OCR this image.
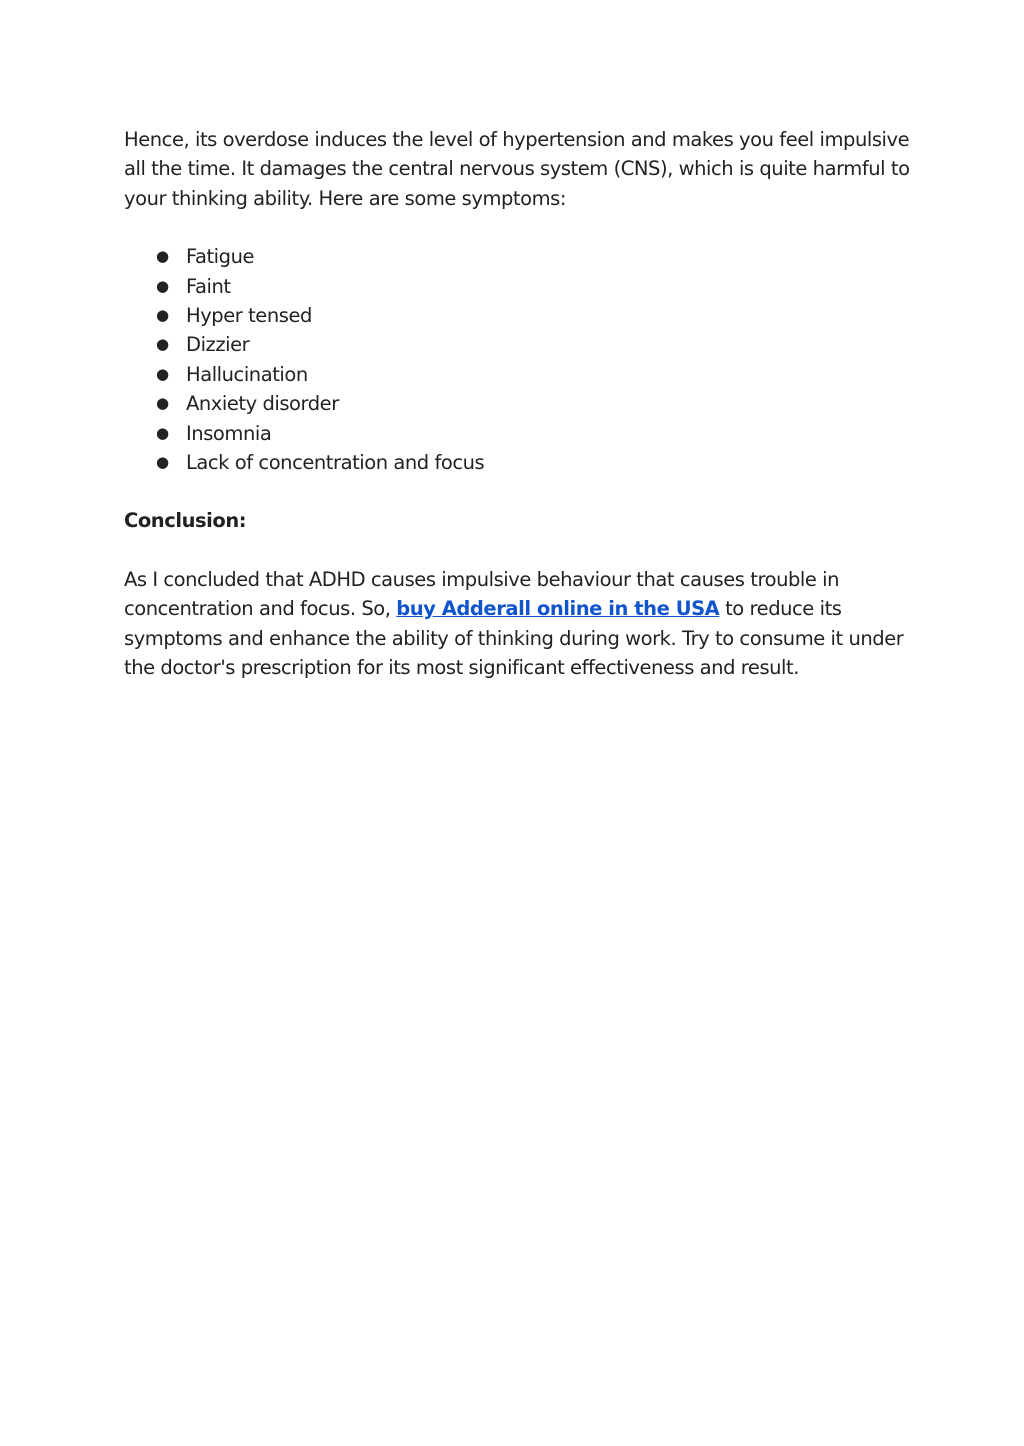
Hence, its overdose induces the level of hypertension and makes you feel impulsive all the time. It damages the central nervous system (CNS), which is quite harmful to your thinking ability. Here are some symptoms:

● Fatigue
● Faint
● Hyper tensed
● Dizzier
● Hallucination
● Anxiety disorder
● Insomnia
● Lack of concentration and focus

Conclusion:

As I concluded that ADHD causes impulsive behaviour that causes trouble in concentration and focus. So, buy Adderall online in the USA to reduce its symptoms and enhance the ability of thinking during work. Try to consume it under the doctor's prescription for its most significant effectiveness and result.
